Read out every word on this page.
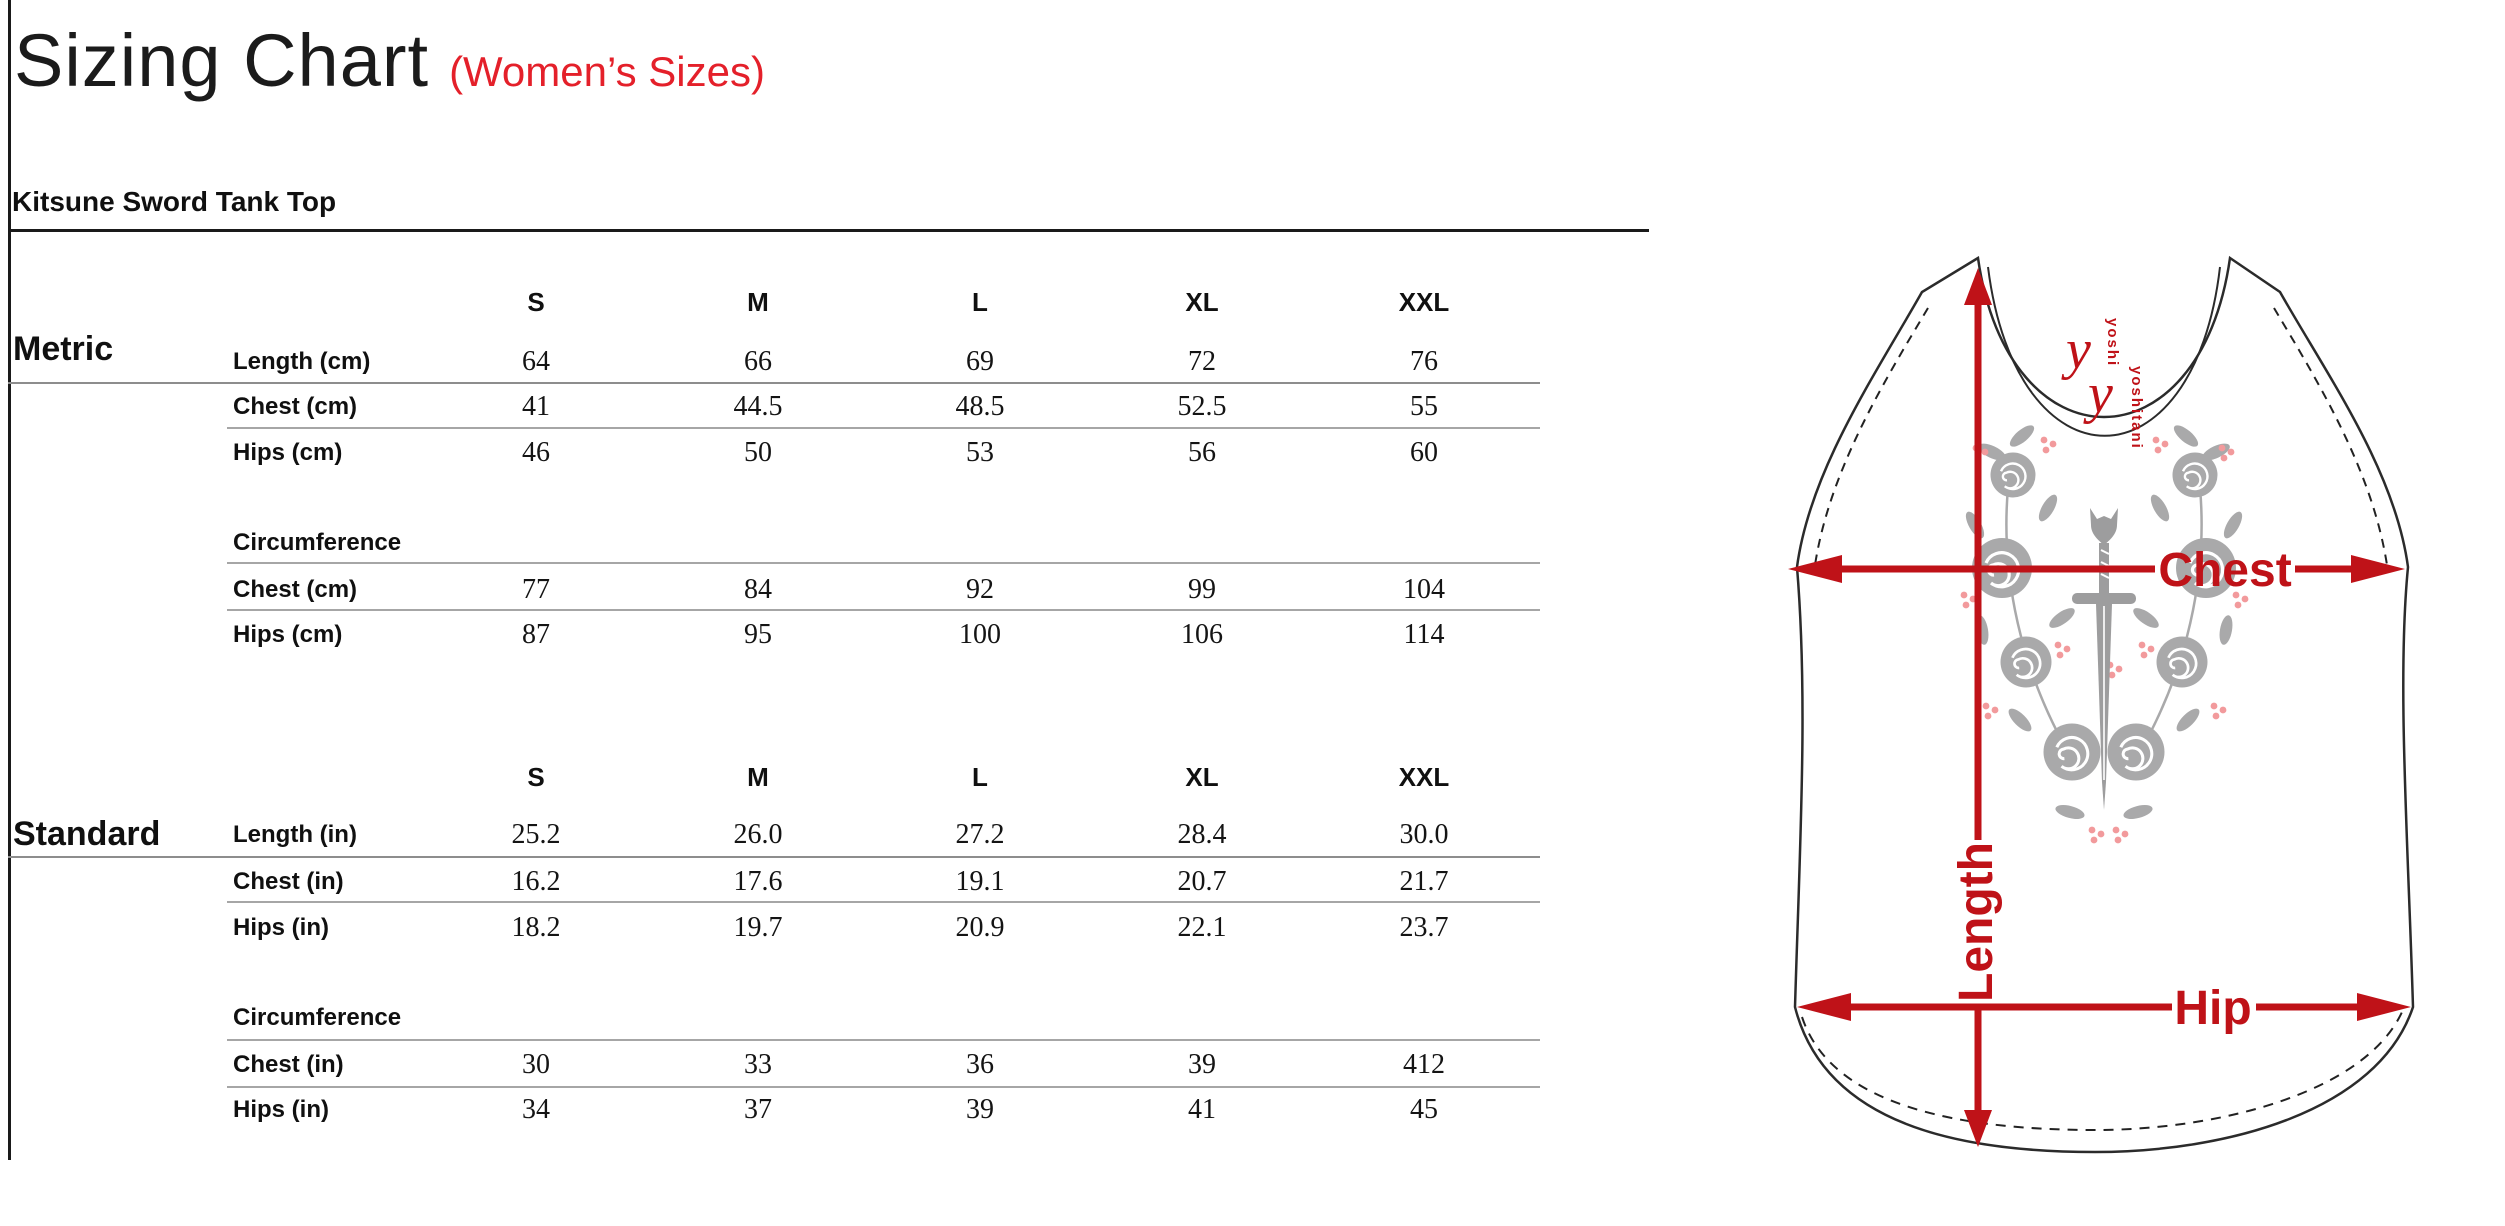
Sizing Chart (Women’s Sizes)
Kitsune Sword Tank Top
Metric
S	M	L	XL	XXL
Length (cm)	64	66	69	72	76
Chest (cm)	41	44.5	48.5	52.5	55
Hips (cm)	46	50	53	56	60
Circumference
Chest (cm)	77	84	92	99	104
Hips (cm)	87	95	100	106	114
Standard
S	M	L	XL	XXL
Length (in)	25.2	26.0	27.2	28.4	30.0
Chest (in)	16.2	17.6	19.1	20.7	21.7
Hips (in)	18.2	19.7	20.9	22.1	23.7
Circumference
Chest (in)	30	33	36	39	412
Hips (in)	34	37	39	41	45
y yoshi
y yoshitani
Chest
Hip
Length
